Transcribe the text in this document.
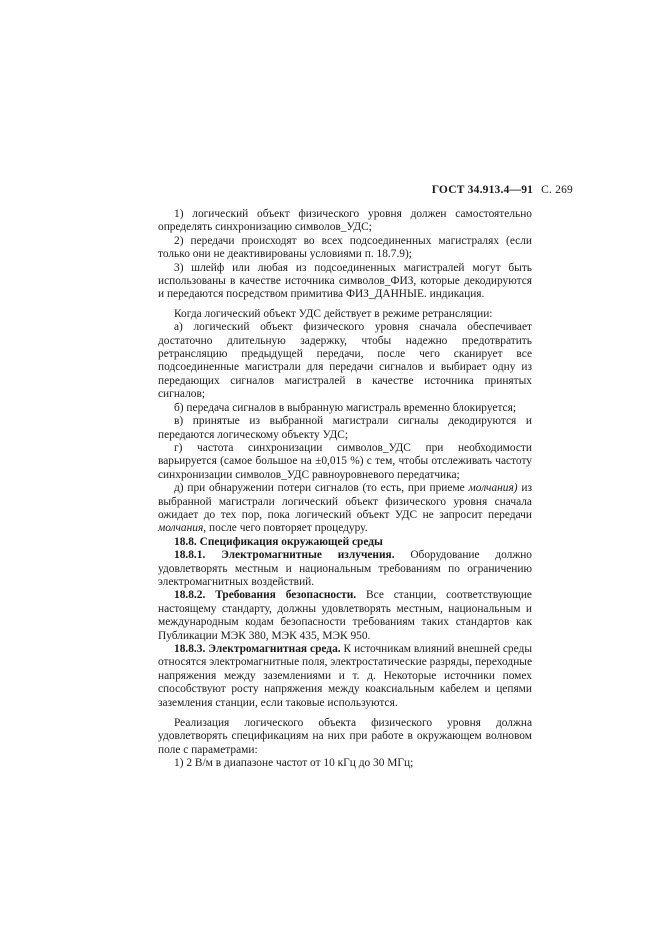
ГОСТ 34.913.4—91 С. 269

1) логический объект физического уровня должен самостоятельно определять синхронизацию символов_УДС;

2) передачи происходят во всех подсоединенных магистралях (если только они не деактивированы условиями п. 18.7.9);

3) шлейф или любая из подсоединенных магистралей могут быть использованы в качестве источника символов_ФИЗ, которые декодируются и передаются посредством примитива ФИЗ_ДАННЫЕ. индикация.

Когда логический объект УДС действует в режиме ретрансляции:

а) логический объект физического уровня сначала обеспечивает достаточно длительную задержку, чтобы надежно предотвратить ретрансляцию предыдущей передачи, после чего сканирует все подсоединенные магистрали для передачи сигналов и выбирает одну из передающих сигналов магистралей в качестве источника принятых сигналов;

б) передача сигналов в выбранную магистраль временно блокируется;

в) принятые из выбранной магистрали сигналы декодируются и передаются логическому объекту УДС;

г) частота синхронизации символов_УДС при необходимости варьируется (самое большое на ±0,015 %) с тем, чтобы отслеживать частоту синхронизации символов_УДС равноуровневого передатчика;

д) при обнаружении потери сигналов (то есть, при приеме молчания) из выбранной магистрали логический объект физического уровня сначала ожидает до тех пор, пока логический объект УДС не запросит передачи молчания, после чего повторяет процедуру.

18.8. Спецификация окружающей среды

18.8.1. Электромагнитные излучения. Оборудование должно удовлетворять местным и национальным требованиям по ограничению электромагнитных воздействий.

18.8.2. Требования безопасности. Все станции, соответствующие настоящему стандарту, должны удовлетворять местным, национальным и международным кодам безопасности требованиям таких стандартов как Публикации МЭК 380, МЭК 435, МЭК 950.

18.8.3. Электромагнитная среда. К источникам влияний внешней среды относятся электромагнитные поля, электростатические разряды, переходные напряжения между заземлениями и т. д. Некоторые источники помех способствуют росту напряжения между коаксиальным кабелем и цепями заземления станции, если таковые используются.

Реализация логического объекта физического уровня должна удовлетворять спецификациям на них при работе в окружающем волновом поле с параметрами:

1) 2 В/м в диапазоне частот от 10 кГц до 30 МГц;
